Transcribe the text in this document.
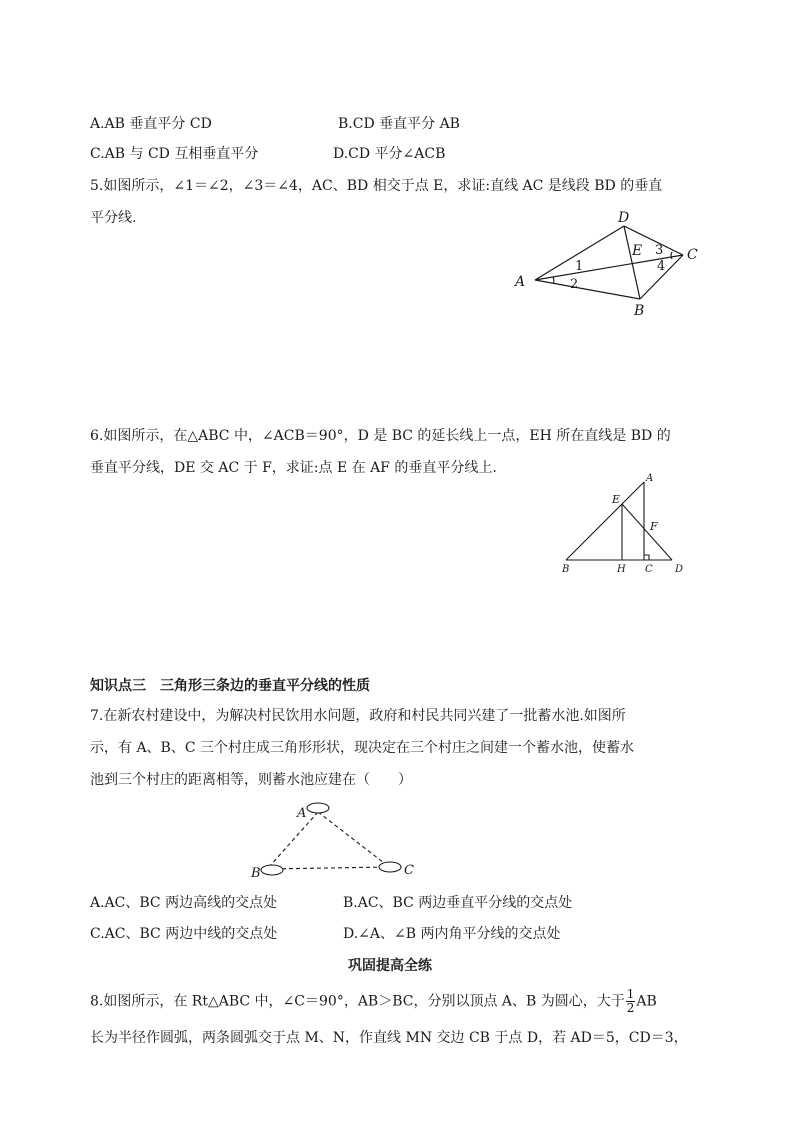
A.AB 垂直平分 CD	B.CD 垂直平分 AB
C.AB 与 CD 互相垂直平分	D.CD 平分∠ACB
5.如图所示，∠1＝∠2，∠3＝∠4，AC、BD 相交于点 E，求证:直线 AC 是线段 BD 的垂直
平分线.
A
D
C
B
E
1
2
3
4
6.如图所示，在△ABC 中，∠ACB＝90°，D 是 BC 的延长线上一点，EH 所在直线是 BD 的
垂直平分线，DE 交 AC 于 F，求证:点 E 在 AF 的垂直平分线上.
A
E
F
B	H C D
知识点三　三角形三条边的垂直平分线的性质
7.在新农村建设中，为解决村民饮用水问题，政府和村民共同兴建了一批蓄水池.如图所
示，有 A、B、C 三个村庄成三角形形状，现决定在三个村庄之间建一个蓄水池，使蓄水
池到三个村庄的距离相等，则蓄水池应建在（　　）
A
B	C
A.AC、BC 两边高线的交点处	B.AC、BC 两边垂直平分线的交点处
C.AC、BC 两边中线的交点处	D.∠A、∠B 两内角平分线的交点处
巩固提高全练
8.如图所示，在 Rt△ABC 中，∠C＝90°，AB＞BC，分别以顶点 A、B 为圆心，大于 $\frac{1}{2}$ AB
长为半径作圆弧，两条圆弧交于点 M、N，作直线 MN 交边 CB 于点 D，若 AD＝5，CD＝3，
